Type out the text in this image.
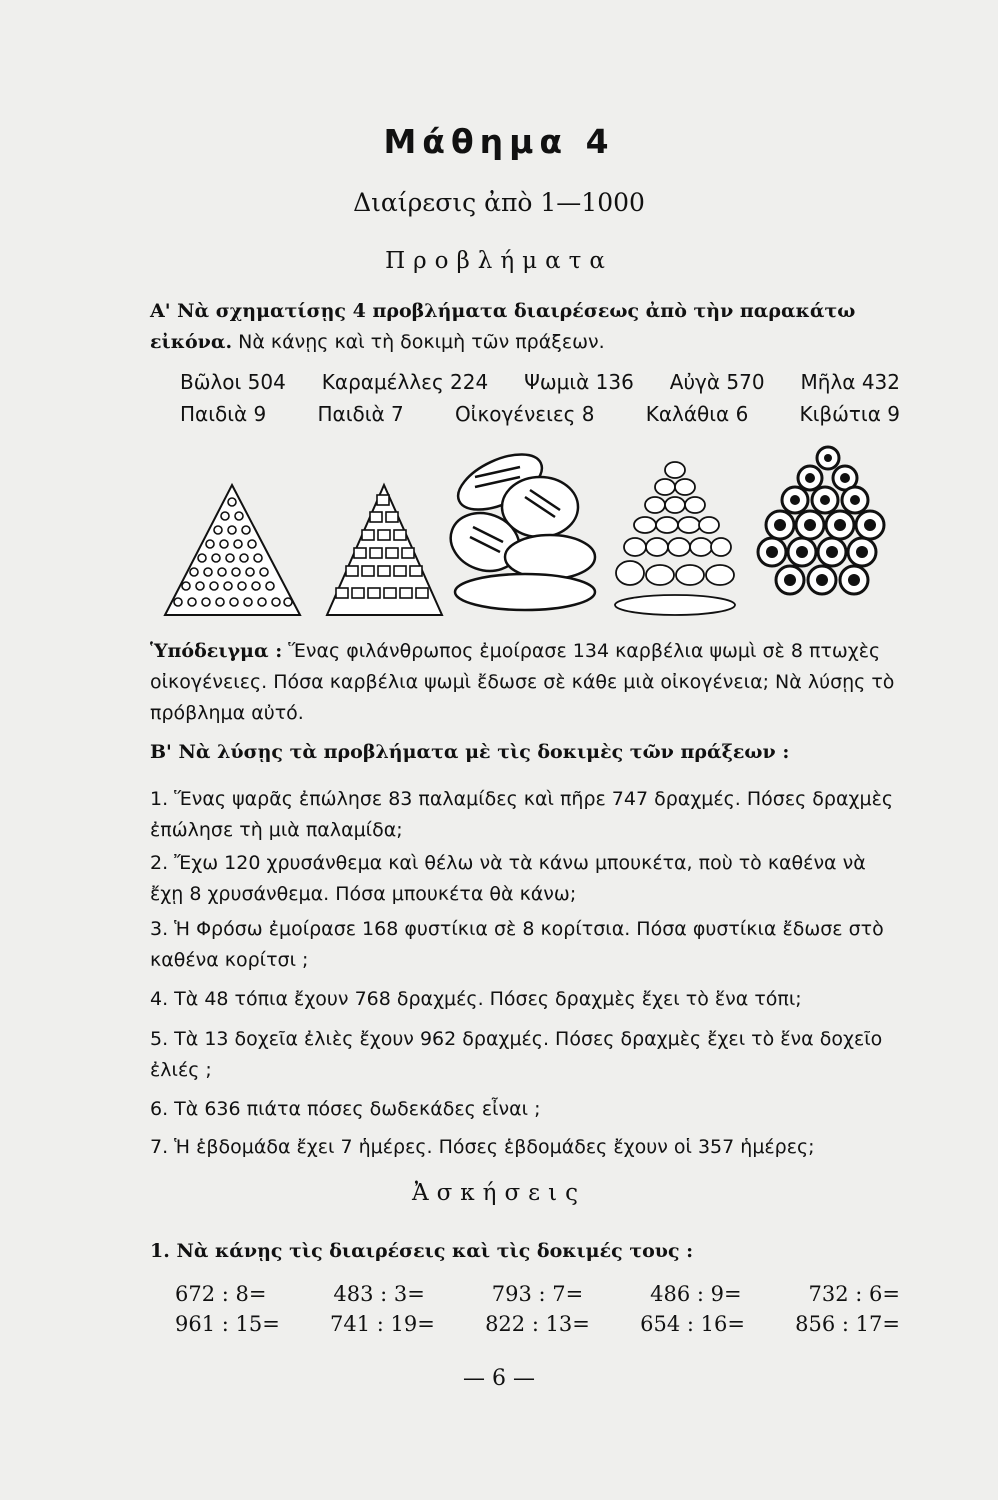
Μάθημα 4
Διαίρεσις ἀπὸ 1—1000
Προβλήματα
Α' Νὰ σχηματίσῃς 4 προβλήματα διαιρέσεως ἀπὸ τὴν παρακάτω εἰκόνα. Νὰ κάνῃς καὶ τὴ δοκιμὴ τῶν πράξεων.
Βῶλοι 504 Καραμέλλες 224 Ψωμιὰ 136 Αὐγὰ 570 Μῆλα 432
Παιδιὰ 9	Παιδιὰ 7	Οἰκογένειες 8	Καλάθια 6	Κιβώτια 9
Ὑπόδειγμα : Ἕνας φιλάνθρωπος ἐμοίρασε 134 καρβέλια ψωμὶ σὲ 8 πτωχὲς οἰκογένειες. Πόσα καρβέλια ψωμὶ ἔδωσε σὲ κάθε μιὰ οἰκογένεια; Νὰ λύσῃς τὸ πρόβλημα αὐτό.
Β' Νὰ λύσῃς τὰ προβλήματα μὲ τὶς δοκιμὲς τῶν πράξεων :
1. Ἕνας ψαρᾶς ἐπώλησε 83 παλαμίδες καὶ πῆρε 747 δραχμές. Πόσες δραχμὲς ἐπώλησε τὴ μιὰ παλαμίδα;
2. Ἔχω 120 χρυσάνθεμα καὶ θέλω νὰ τὰ κάνω μπουκέτα, ποὺ τὸ καθένα νὰ ἔχῃ 8 χρυσάνθεμα. Πόσα μπουκέτα θὰ κάνω;
3. Ἡ Φρόσω ἐμοίρασε 168 φυστίκια σὲ 8 κορίτσια. Πόσα φυστίκια ἔδωσε στὸ καθένα κορίτσι ;
4. Τὰ 48 τόπια ἔχουν 768 δραχμές. Πόσες δραχμὲς ἔχει τὸ ἕνα τόπι;
5. Τὰ 13 δοχεῖα ἐλιὲς ἔχουν 962 δραχμές. Πόσες δραχμὲς ἔχει τὸ ἕνα δοχεῖο ἐλιές ;
6. Τὰ 636 πιάτα πόσες δωδεκάδες εἶναι ;
7. Ἡ ἑβδομάδα ἔχει 7 ἡμέρες. Πόσες ἑβδομάδες ἔχουν οἱ 357 ἡμέρες;
Ἀσκήσεις
1. Νὰ κάνῃς τὶς διαιρέσεις καὶ τὶς δοκιμές τους :
672 : 8=	483 : 3=	793 : 7=	486 : 9=	732 : 6=
961 : 15= 741 : 19= 822 : 13= 654 : 16= 856 : 17=
— 6 —
